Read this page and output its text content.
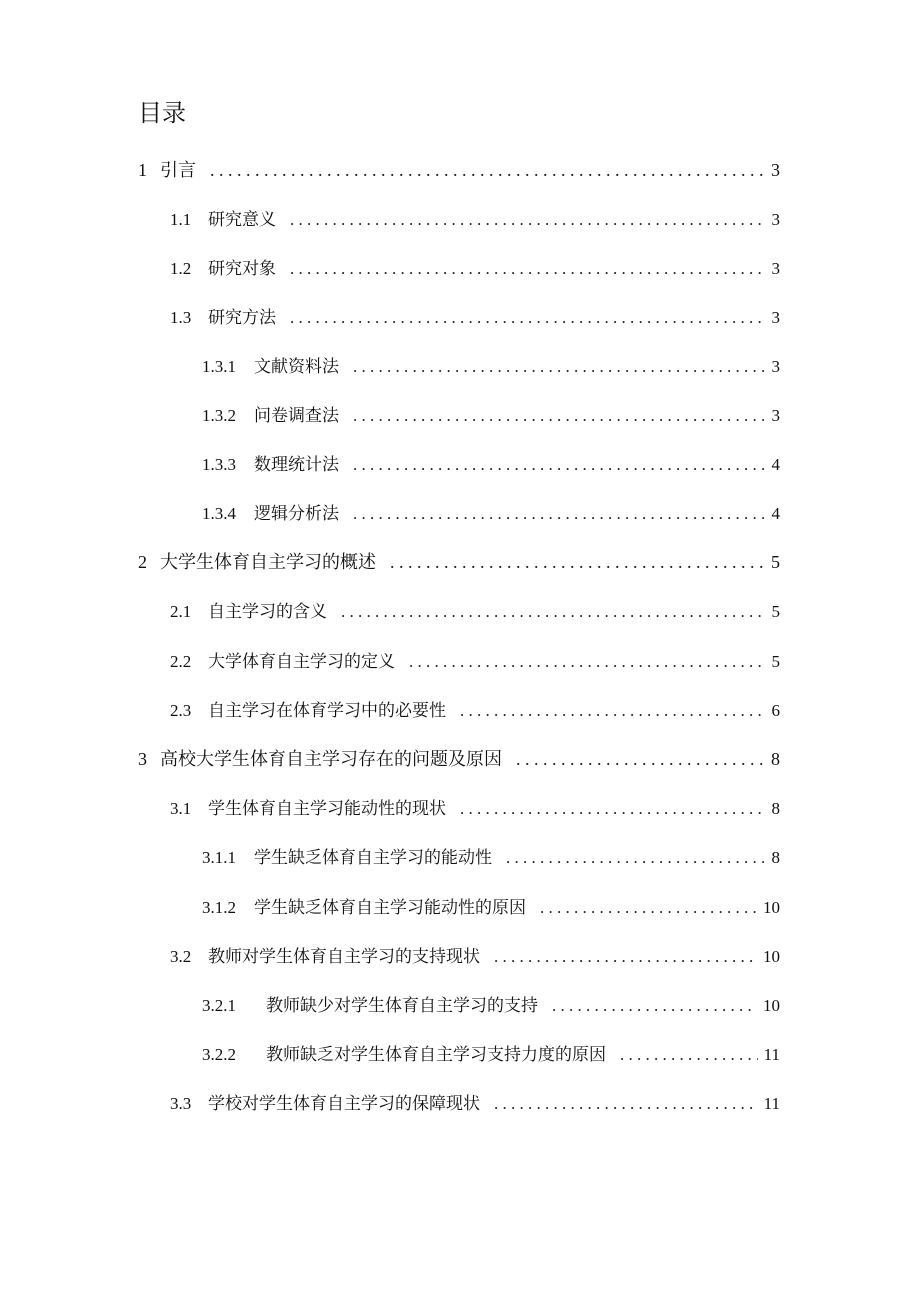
目录
1 引言 . . .	3
1.1 研究意义 . . .	3
1.2 研究对象 . . .	3
1.3 研究方法 . . .	3
1.3.1	文献资料法 . . .	3
1.3.2	问卷调查法 . . .	3
1.3.3	数理统计法 . . .	4
1.3.4	逻辑分析法 . . .	4
2 大学生体育自主学习的概述 . . .	5
2.1 自主学习的含义 . . .	5
2.2 大学体育自主学习的定义 . . .	5
2.3 自主学习在体育学习中的必要性 . . .	6
3 高校大学生体育自主学习存在的问题及原因 . . .	8
3.1 学生体育自主学习能动性的现状 . . .	8
3.1.1	学生缺乏体育自主学习的能动性 . . .	8
3.1.2	学生缺乏体育自主学习能动性的原因 . . .	10
3.2 教师对学生体育自主学习的支持现状 . . .	10
3.2.1	教师缺少对学生体育自主学习的支持 . . .	10
3.2.2	教师缺乏对学生体育自主学习支持力度的原因 . . .	11
3.3 学校对学生体育自主学习的保障现状 . . .	11
